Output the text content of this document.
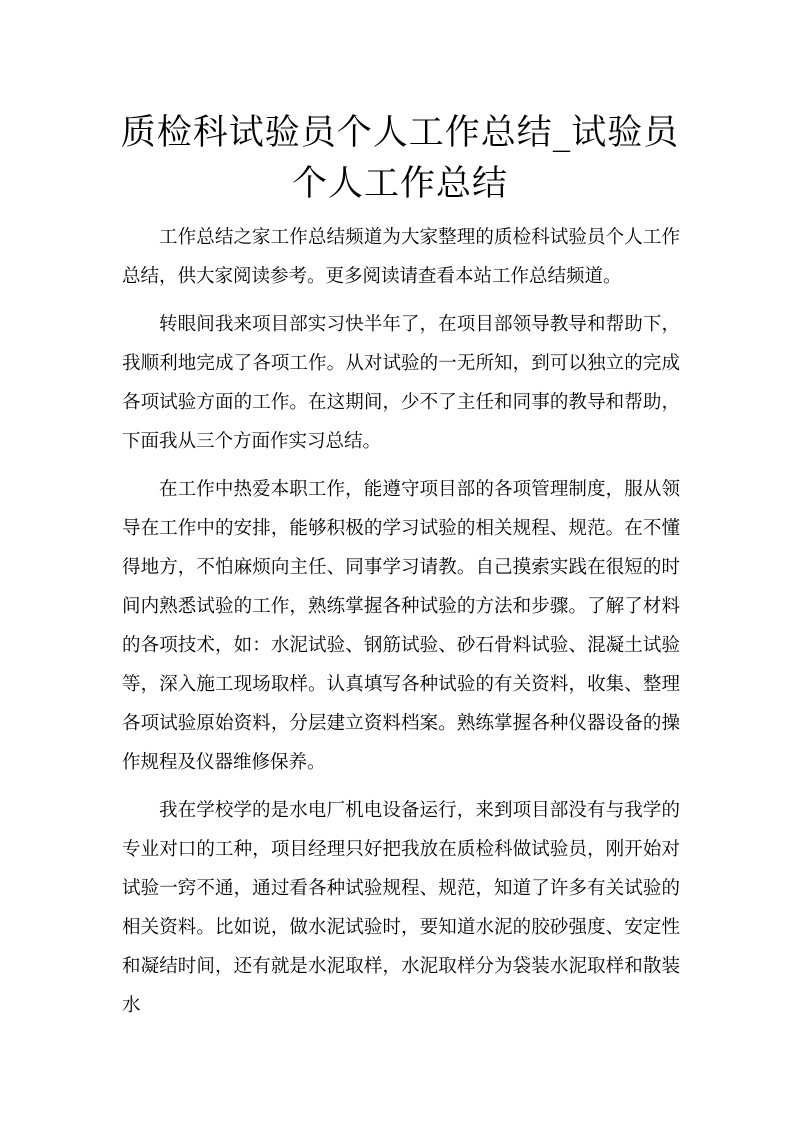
质检科试验员个人工作总结_试验员个人工作总结

工作总结之家工作总结频道为大家整理的质检科试验员个人工作总结，供大家阅读参考。更多阅读请查看本站工作总结频道。

转眼间我来项目部实习快半年了，在项目部领导教导和帮助下，我顺利地完成了各项工作。从对试验的一无所知，到可以独立的完成各项试验方面的工作。在这期间，少不了主任和同事的教导和帮助，下面我从三个方面作实习总结。

在工作中热爱本职工作，能遵守项目部的各项管理制度，服从领导在工作中的安排，能够积极的学习试验的相关规程、规范。在不懂得地方，不怕麻烦向主任、同事学习请教。自己摸索实践在很短的时间内熟悉试验的工作，熟练掌握各种试验的方法和步骤。了解了材料的各项技术，如：水泥试验、钢筋试验、砂石骨料试验、混凝土试验等，深入施工现场取样。认真填写各种试验的有关资料，收集、整理各项试验原始资料，分层建立资料档案。熟练掌握各种仪器设备的操作规程及仪器维修保养。

我在学校学的是水电厂机电设备运行，来到项目部没有与我学的专业对口的工种，项目经理只好把我放在质检科做试验员，刚开始对试验一窍不通，通过看各种试验规程、规范，知道了许多有关试验的相关资料。比如说，做水泥试验时，要知道水泥的胶砂强度、安定性和凝结时间，还有就是水泥取样，水泥取样分为袋装水泥取样和散装水
